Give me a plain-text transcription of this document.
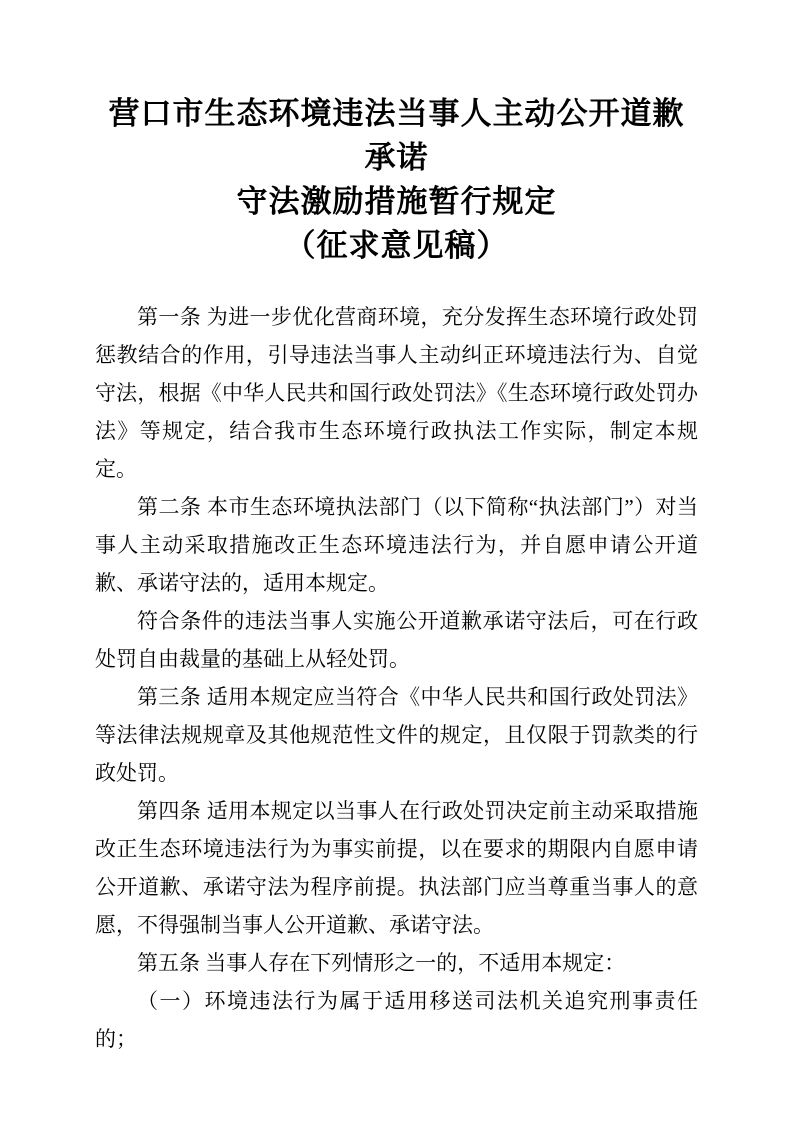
营口市生态环境违法当事人主动公开道歉承诺
守法激励措施暂行规定
（征求意见稿）

第一条 为进一步优化营商环境，充分发挥生态环境行政处罚惩教结合的作用，引导违法当事人主动纠正环境违法行为、自觉守法，根据《中华人民共和国行政处罚法》《生态环境行政处罚办法》等规定，结合我市生态环境行政执法工作实际，制定本规定。

第二条 本市生态环境执法部门（以下简称“执法部门”）对当事人主动采取措施改正生态环境违法行为，并自愿申请公开道歉、承诺守法的，适用本规定。

符合条件的违法当事人实施公开道歉承诺守法后，可在行政处罚自由裁量的基础上从轻处罚。

第三条 适用本规定应当符合《中华人民共和国行政处罚法》等法律法规规章及其他规范性文件的规定，且仅限于罚款类的行政处罚。

第四条 适用本规定以当事人在行政处罚决定前主动采取措施改正生态环境违法行为为事实前提，以在要求的期限内自愿申请公开道歉、承诺守法为程序前提。执法部门应当尊重当事人的意愿，不得强制当事人公开道歉、承诺守法。

第五条 当事人存在下列情形之一的，不适用本规定：

（一）环境违法行为属于适用移送司法机关追究刑事责任的；
